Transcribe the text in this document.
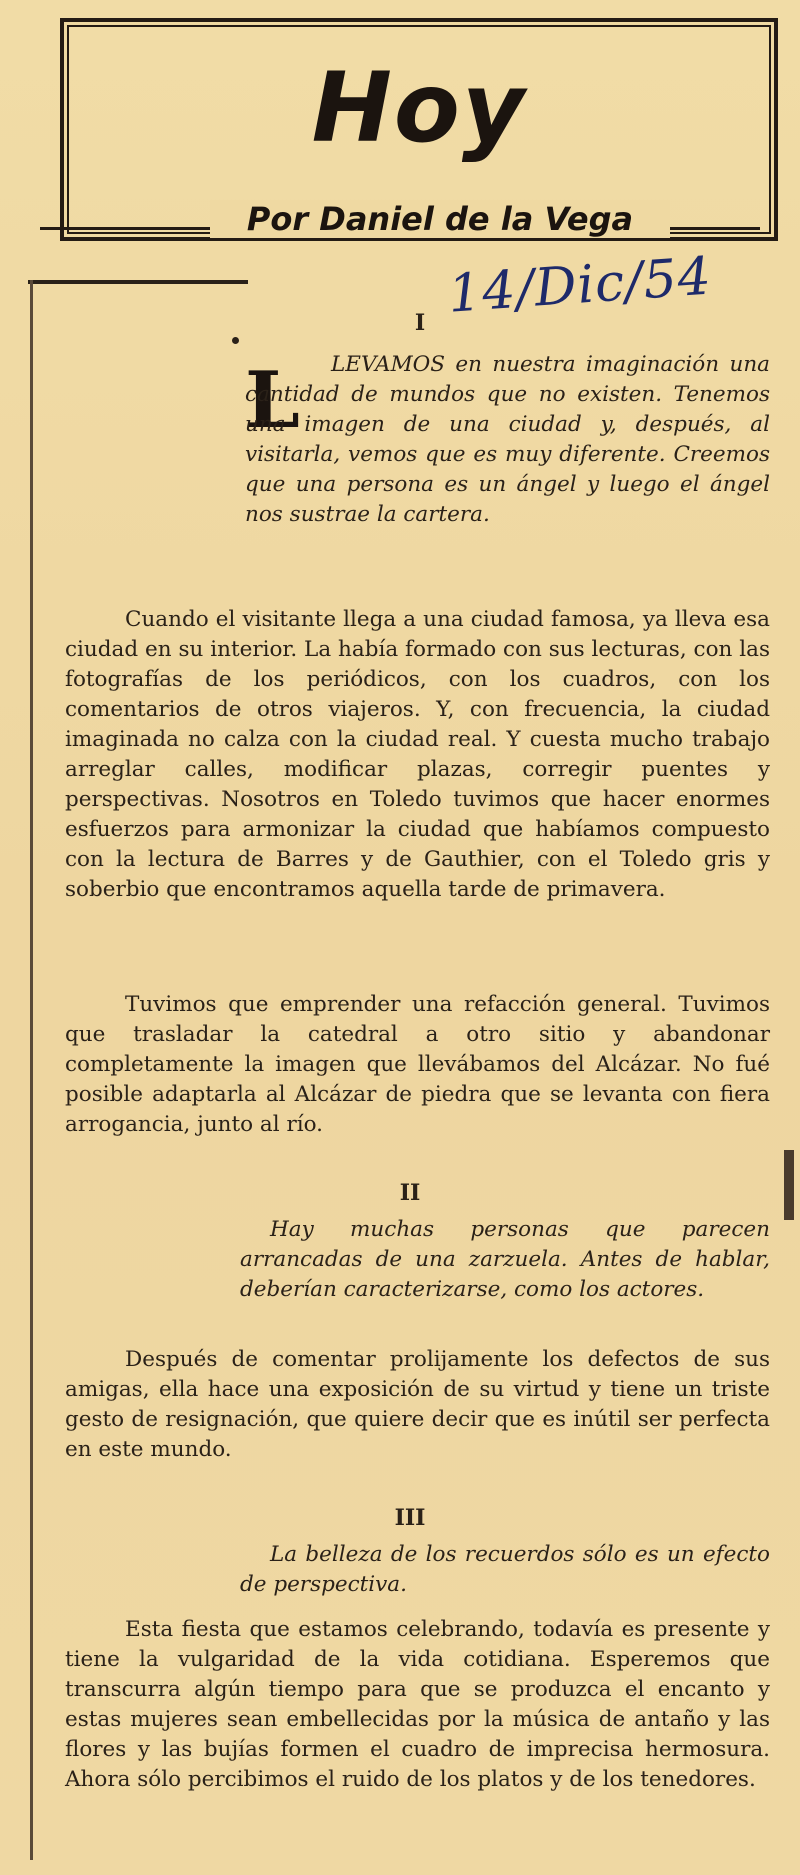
Hoy
Por Daniel de la Vega
14/Dic/54
I
L	LEVAMOS en nuestra imaginación una cantidad de mundos que no existen. Tenemos una imagen de una ciudad y, después, al visitarla, vemos que es muy diferente. Creemos que una persona es un ángel y luego el ángel nos sustrae la cartera.
Cuando el visitante llega a una ciudad famosa, ya lleva esa ciudad en su interior. La había formado con sus lecturas, con las fotografías de los periódicos, con los cuadros, con los comentarios de otros viajeros. Y, con frecuencia, la ciudad imaginada no calza con la ciudad real. Y cuesta mucho trabajo arreglar calles, modificar plazas, corregir puentes y perspectivas. Nosotros en Toledo tuvimos que hacer enormes esfuerzos para armonizar la ciudad que habíamos compuesto con la lectura de Barres y de Gauthier, con el Toledo gris y soberbio que encontramos aquella tarde de primavera.
Tuvimos que emprender una refacción general. Tuvimos que trasladar la catedral a otro sitio y abandonar completamente la imagen que llevábamos del Alcázar. No fué posible adaptarla al Alcázar de piedra que se levanta con fiera arrogancia, junto al río.
II
Hay muchas personas que parecen arrancadas de una zarzuela. Antes de hablar, deberían caracterizarse, como los actores.
Después de comentar prolijamente los defectos de sus amigas, ella hace una exposición de su virtud y tiene un triste gesto de resignación, que quiere decir que es inútil ser perfecta en este mundo.
III
La belleza de los recuerdos sólo es un efecto de perspectiva.
Esta fiesta que estamos celebrando, todavía es presente y tiene la vulgaridad de la vida cotidiana. Esperemos que transcurra algún tiempo para que se produzca el encanto y estas mujeres sean embellecidas por la música de antaño y las flores y las bujías formen el cuadro de imprecisa hermosura. Ahora sólo percibimos el ruido de los platos y de los tenedores.
